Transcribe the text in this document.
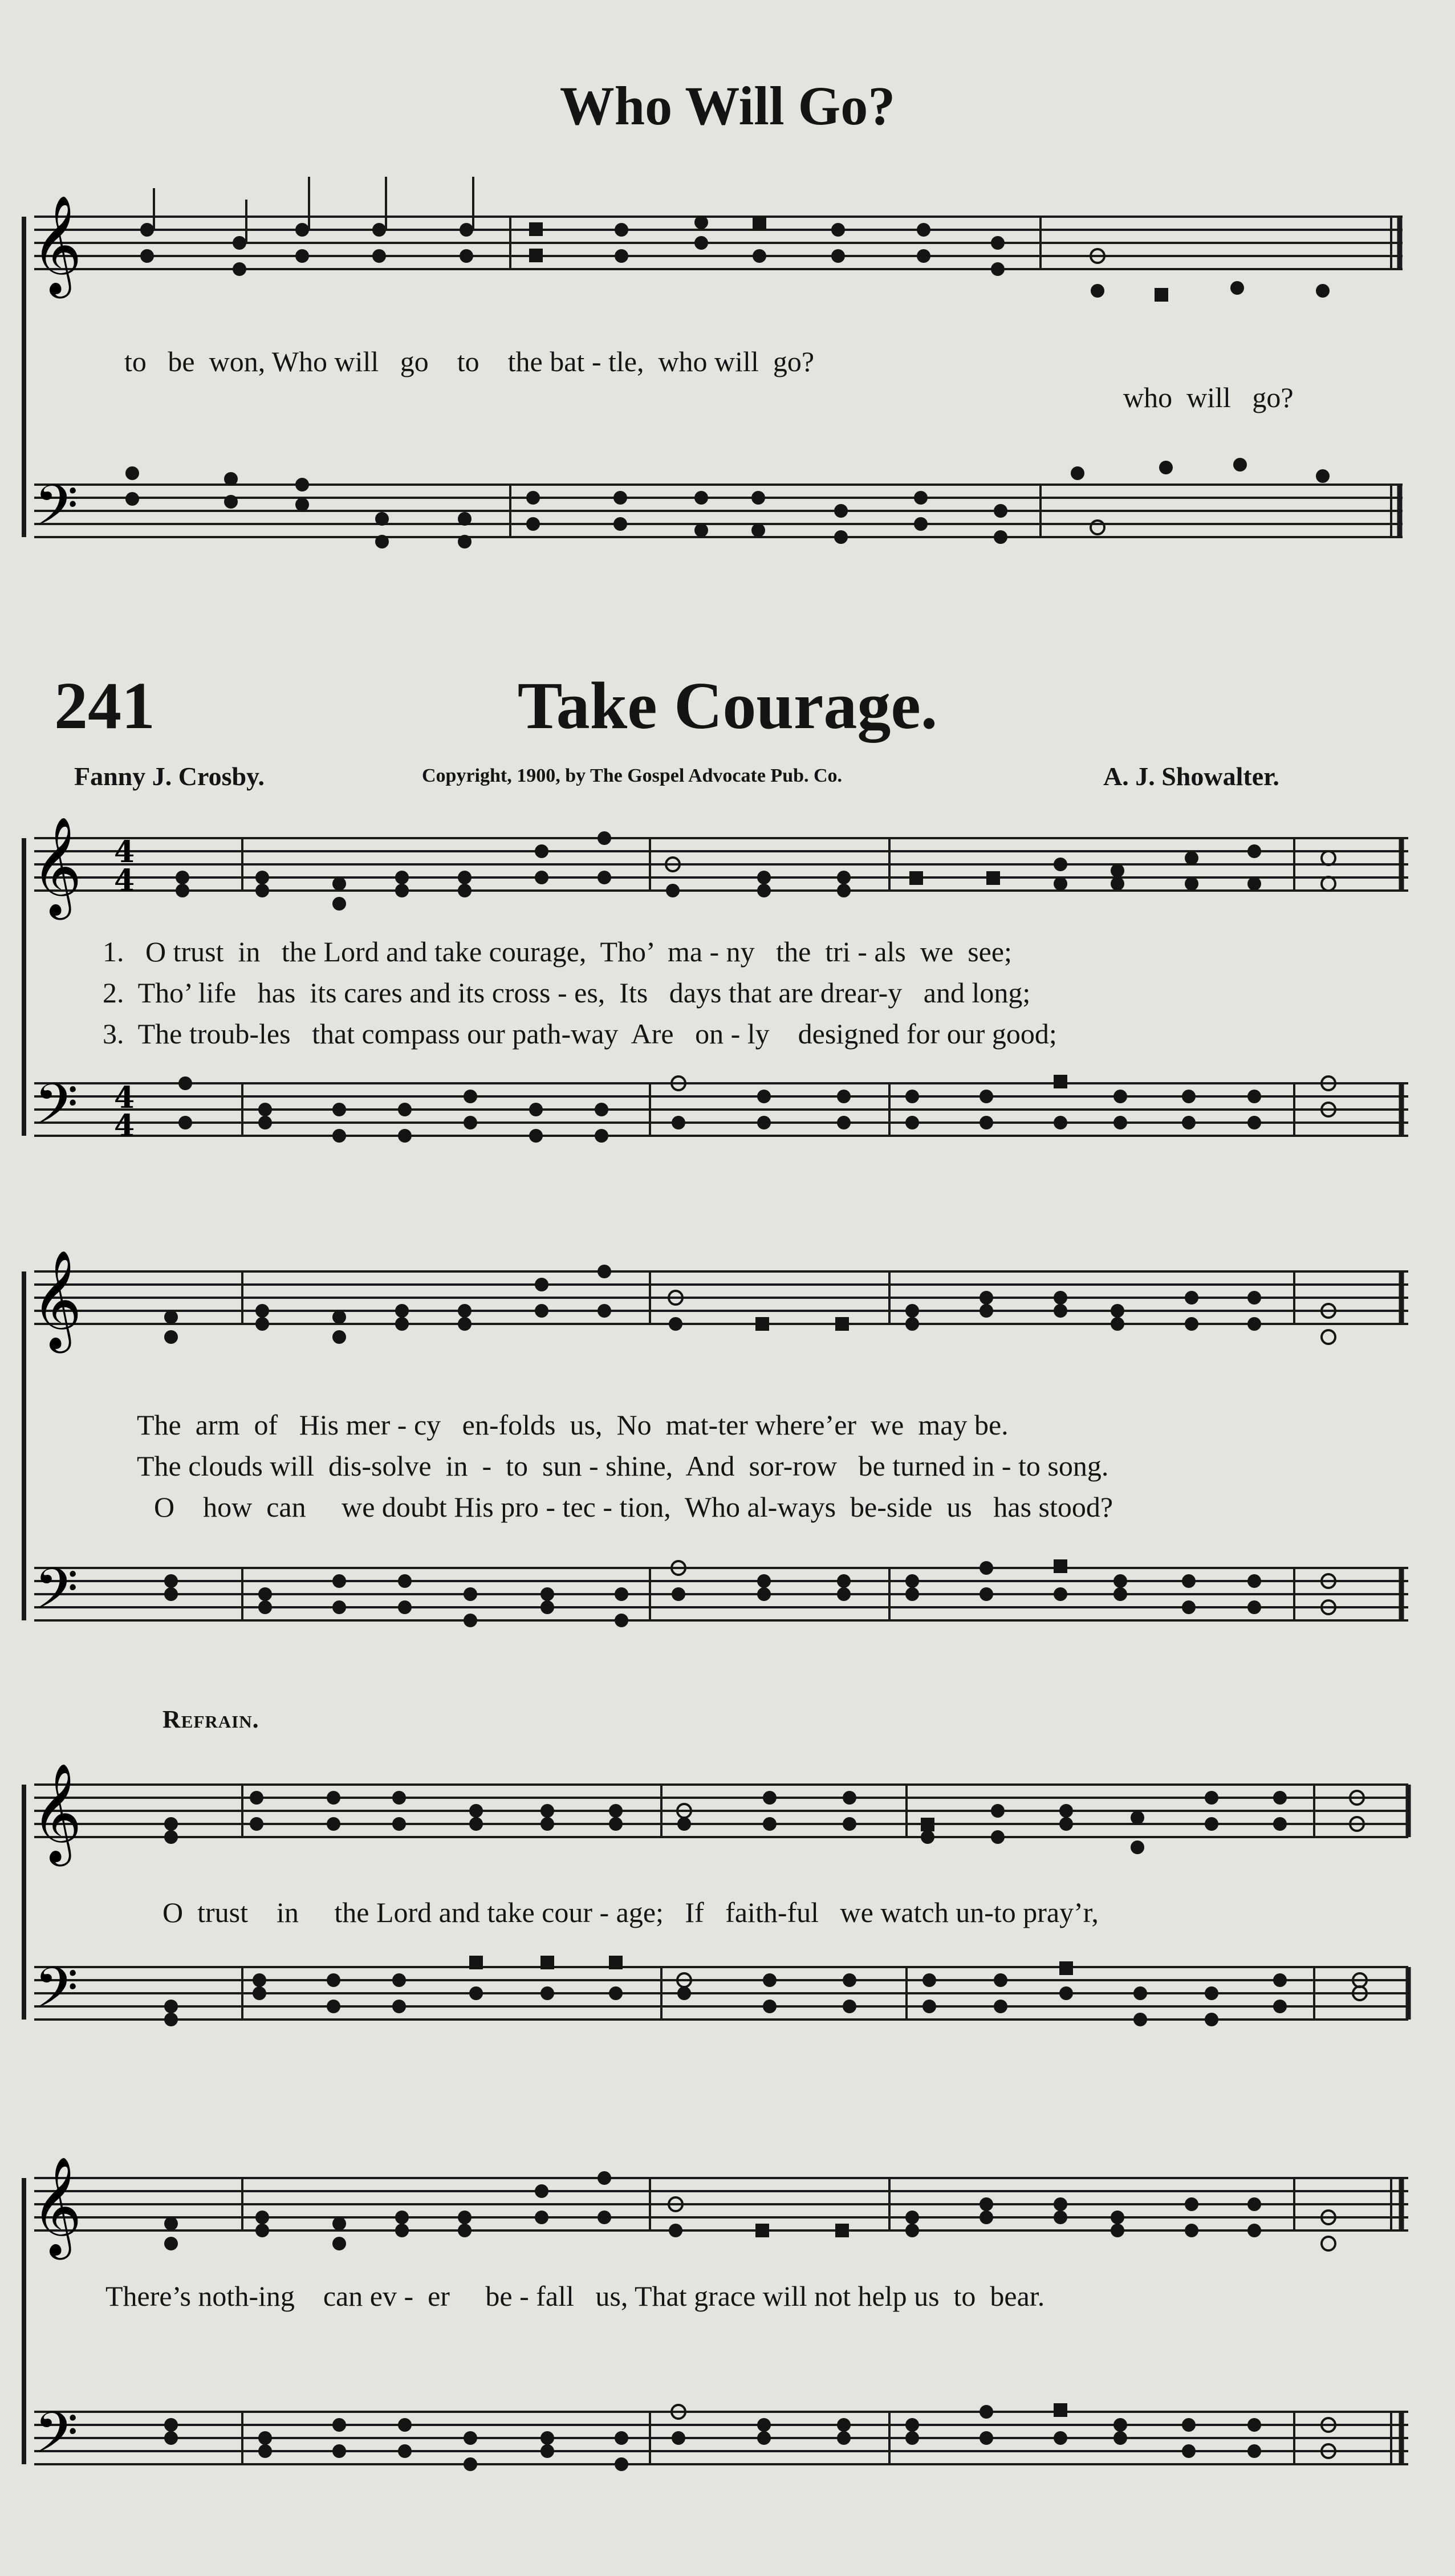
Who Will Go?
𝄞
𝄢
to   be  won, Who will   go    to    the bat - tle,  who will  go?
who  will   go?
241	Take Courage.
Fanny J. Crosby.	Copyright, 1900, by The Gospel Advocate Pub. Co.	A. J. Showalter.
𝄞
𝄢
4
4
4
4
1.   O trust  in   the Lord and take courage,  Tho’  ma - ny   the  tri - als  we  see;
2.  Tho’ life   has  its cares and its cross - es,  Its   days that are drear-y   and long;
3.  The troub-les   that compass our path-way  Are   on - ly    designed for our good;
𝄞
𝄢
The  arm  of   His mer - cy   en-folds  us,  No  mat-ter where’er  we  may be.
The clouds will  dis-solve  in  -  to  sun - shine,  And  sor-row   be turned in - to song.
O    how  can     we doubt His pro - tec - tion,  Who al-ways  be-side  us   has stood?
Refrain.
𝄞
𝄢
O  trust    in     the Lord and take cour - age;   If   faith-ful   we watch un-to pray’r,
𝄞
𝄢
There’s noth-ing    can ev -  er     be - fall   us, That grace will not help us  to  bear.
